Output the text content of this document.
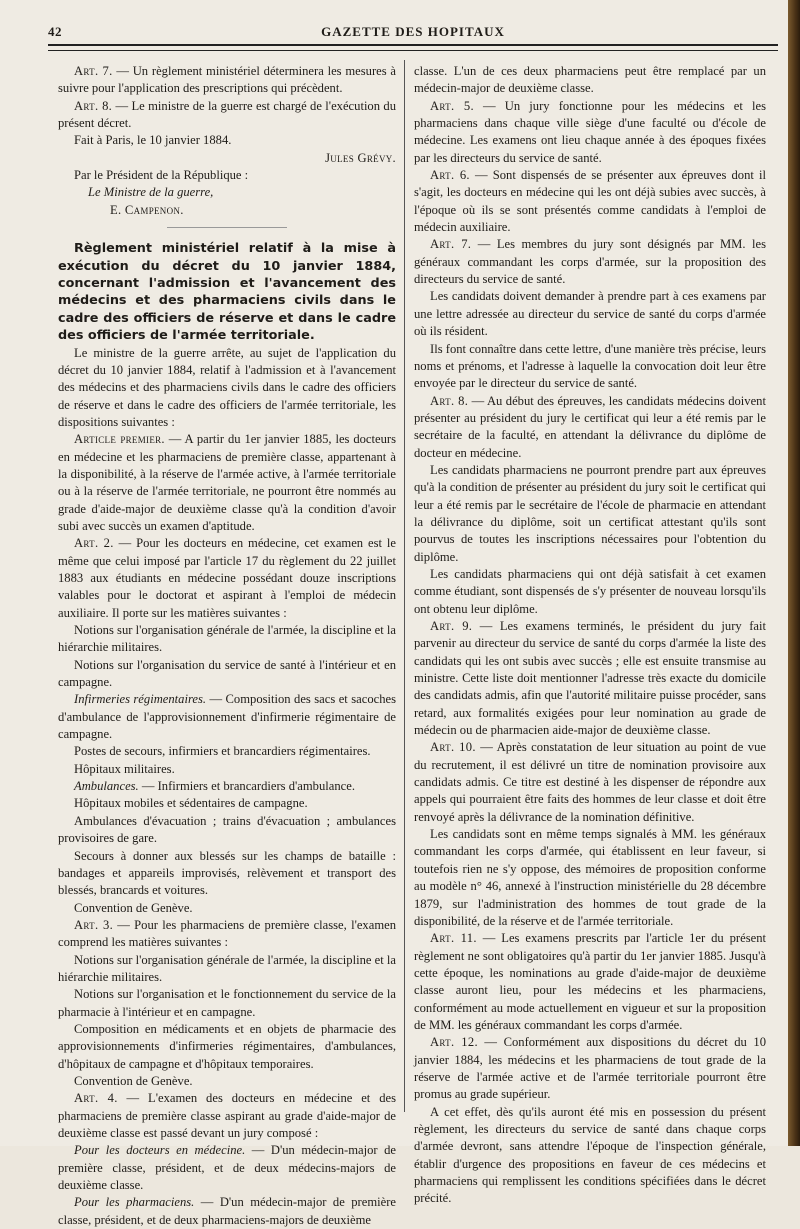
42	GAZETTE DES HOPITAUX

Art. 7. — Un règlement ministériel déterminera les mesures à suivre pour l'application des prescriptions qui précèdent.

Art. 8. — Le ministre de la guerre est chargé de l'exécution du présent décret.

Fait à Paris, le 10 janvier 1884.

Jules Grévy.

Par le Président de la République :

Le Ministre de la guerre,

E. Campenon.

Règlement ministériel relatif à la mise à exécution du décret du 10 janvier 1884, concernant l'admission et l'avancement des médecins et des pharmaciens civils dans le cadre des officiers de réserve et dans le cadre des officiers de l'armée territoriale.

Le ministre de la guerre arrête, au sujet de l'application du décret du 10 janvier 1884, relatif à l'admission et à l'avancement des médecins et des pharmaciens civils dans le cadre des officiers de réserve et dans le cadre des officiers de l'armée territoriale, les dispositions suivantes :

Article premier. — A partir du 1er janvier 1885, les docteurs en médecine et les pharmaciens de première classe, appartenant à la disponibilité, à la réserve de l'armée active, à l'armée territoriale ou à la réserve de l'armée territoriale, ne pourront être nommés au grade d'aide-major de deuxième classe qu'à la condition d'avoir subi avec succès un examen d'aptitude.

Art. 2. — Pour les docteurs en médecine, cet examen est le même que celui imposé par l'article 17 du règlement du 22 juillet 1883 aux étudiants en médecine possédant douze inscriptions valables pour le doctorat et aspirant à l'emploi de médecin auxiliaire. Il porte sur les matières suivantes :

Notions sur l'organisation générale de l'armée, la discipline et la hiérarchie militaires.

Notions sur l'organisation du service de santé à l'intérieur et en campagne.

Infirmeries régimentaires. — Composition des sacs et sacoches d'ambulance de l'approvisionnement d'infirmerie régimentaire de campagne.

Postes de secours, infirmiers et brancardiers régimentaires.

Hôpitaux militaires.

Ambulances. — Infirmiers et brancardiers d'ambulance.

Hôpitaux mobiles et sédentaires de campagne.

Ambulances d'évacuation ; trains d'évacuation ; ambulances provisoires de gare.

Secours à donner aux blessés sur les champs de bataille : bandages et appareils improvisés, relèvement et transport des blessés, brancards et voitures.

Convention de Genève.

Art. 3. — Pour les pharmaciens de première classe, l'examen comprend les matières suivantes :

Notions sur l'organisation générale de l'armée, la discipline et la hiérarchie militaires.

Notions sur l'organisation et le fonctionnement du service de la pharmacie à l'intérieur et en campagne.

Composition en médicaments et en objets de pharmacie des approvisionnements d'infirmeries régimentaires, d'ambulances, d'hôpitaux de campagne et d'hôpitaux temporaires.

Convention de Genève.

Art. 4. — L'examen des docteurs en médecine et des pharmaciens de première classe aspirant au grade d'aide-major de deuxième classe est passé devant un jury composé :

Pour les docteurs en médecine. — D'un médecin-major de première classe, président, et de deux médecins-majors de deuxième classe.

Pour les pharmaciens. — D'un médecin-major de première classe, président, et de deux pharmaciens-majors de deuxième

classe. L'un de ces deux pharmaciens peut être remplacé par un médecin-major de deuxième classe.

Art. 5. — Un jury fonctionne pour les médecins et les pharmaciens dans chaque ville siège d'une faculté ou d'école de médecine. Les examens ont lieu chaque année à des époques fixées par les directeurs du service de santé.

Art. 6. — Sont dispensés de se présenter aux épreuves dont il s'agit, les docteurs en médecine qui les ont déjà subies avec succès, à l'époque où ils se sont présentés comme candidats à l'emploi de médecin auxiliaire.

Art. 7. — Les membres du jury sont désignés par MM. les généraux commandant les corps d'armée, sur la proposition des directeurs du service de santé.

Les candidats doivent demander à prendre part à ces examens par une lettre adressée au directeur du service de santé du corps d'armée où ils résident.

Ils font connaître dans cette lettre, d'une manière très précise, leurs noms et prénoms, et l'adresse à laquelle la convocation doit leur être envoyée par le directeur du service de santé.

Art. 8. — Au début des épreuves, les candidats médecins doivent présenter au président du jury le certificat qui leur a été remis par le secrétaire de la faculté, en attendant la délivrance du diplôme de docteur en médecine.

Les candidats pharmaciens ne pourront prendre part aux épreuves qu'à la condition de présenter au président du jury soit le certificat qui leur a été remis par le secrétaire de l'école de pharmacie en attendant la délivrance du diplôme, soit un certificat attestant qu'ils sont pourvus de toutes les inscriptions nécessaires pour l'obtention du diplôme.

Les candidats pharmaciens qui ont déjà satisfait à cet examen comme étudiant, sont dispensés de s'y présenter de nouveau lorsqu'ils ont obtenu leur diplôme.

Art. 9. — Les examens terminés, le président du jury fait parvenir au directeur du service de santé du corps d'armée la liste des candidats qui les ont subis avec succès ; elle est ensuite transmise au ministre. Cette liste doit mentionner l'adresse très exacte du domicile des candidats admis, afin que l'autorité militaire puisse procéder, sans retard, aux formalités exigées pour leur nomination au grade de médecin ou de pharmacien aide-major de deuxième classe.

Art. 10. — Après constatation de leur situation au point de vue du recrutement, il est délivré un titre de nomination provisoire aux candidats admis. Ce titre est destiné à les dispenser de répondre aux appels qui pourraient être faits des hommes de leur classe et doit être renvoyé après la délivrance de la nomination définitive.

Les candidats sont en même temps signalés à MM. les généraux commandant les corps d'armée, qui établissent en leur faveur, si toutefois rien ne s'y oppose, des mémoires de proposition conforme au modèle n° 46, annexé à l'instruction ministérielle du 28 décembre 1879, sur l'administration des hommes de tout grade de la disponibilité, de la réserve et de l'armée territoriale.

Art. 11. — Les examens prescrits par l'article 1er du présent règlement ne sont obligatoires qu'à partir du 1er janvier 1885. Jusqu'à cette époque, les nominations au grade d'aide-major de deuxième classe auront lieu, pour les médecins et les pharmaciens, conformément au mode actuellement en vigueur et sur la proposition de MM. les généraux commandant les corps d'armée.

Art. 12. — Conformément aux dispositions du décret du 10 janvier 1884, les médecins et les pharmaciens de tout grade de la réserve de l'armée active et de l'armée territoriale pourront être promus au grade supérieur.

A cet effet, dès qu'ils auront été mis en possession du présent règlement, les directeurs du service de santé dans chaque corps d'armée devront, sans attendre l'époque de l'inspection générale, établir d'urgence des propositions en faveur de ces médecins et pharmaciens qui remplissent les conditions spécifiées dans le décret précité.
